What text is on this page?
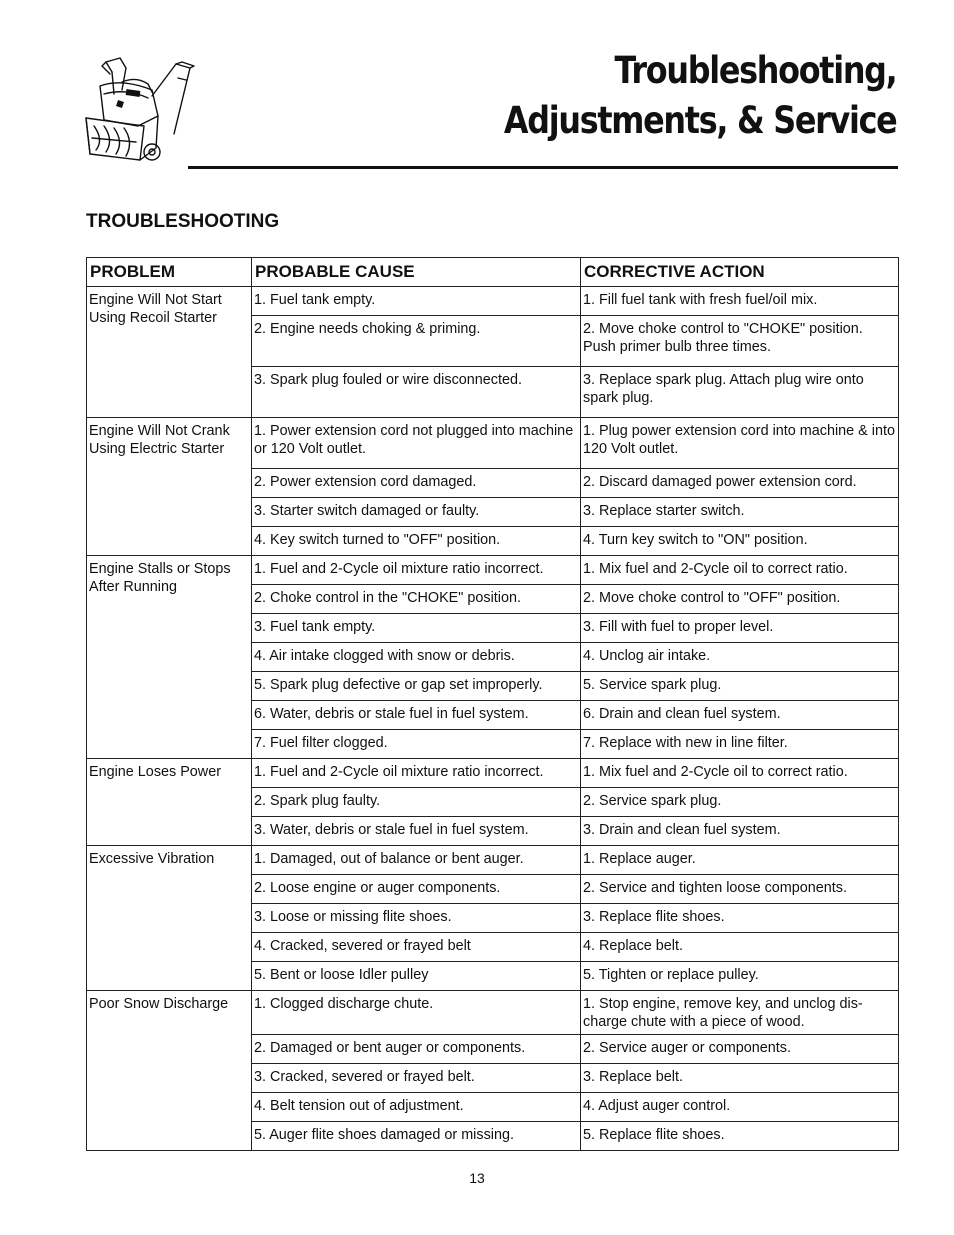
Troubleshooting,
Adjustments, & Service
TROUBLESHOOTING
PROBLEM	PROBABLE CAUSE	CORRECTIVE ACTION
Engine Will Not Start Using Recoil Starter	1. Fuel tank empty.	1. Fill fuel tank with fresh fuel/oil mix.
	2. Engine needs choking & priming.	2. Move choke control to "CHOKE" position. Push primer bulb three times.
	3. Spark plug fouled or wire disconnected.	3. Replace spark plug. Attach plug wire onto spark plug.
Engine Will Not Crank Using Electric Starter	1. Power extension cord not plugged into machine or 120 Volt outlet.	1. Plug power extension cord into machine & into 120 Volt outlet.
	2. Power extension cord damaged.	2. Discard damaged power extension cord.
	3. Starter switch damaged or faulty.	3. Replace starter switch.
	4. Key switch turned to "OFF" position.	4. Turn key switch to "ON" position.
Engine Stalls or Stops After Running	1. Fuel and 2-Cycle oil mixture ratio incorrect.	1. Mix fuel and 2-Cycle oil to correct ratio.
	2. Choke control in the "CHOKE" position.	2. Move choke control to "OFF" position.
	3. Fuel tank empty.	3. Fill with fuel to proper level.
	4. Air intake clogged with snow or debris.	4. Unclog air intake.
	5. Spark plug defective or gap set improperly.	5. Service spark plug.
	6. Water, debris or stale fuel in fuel system.	6. Drain and clean fuel system.
	7. Fuel filter clogged.	7. Replace with new in line filter.
Engine Loses Power	1. Fuel and 2-Cycle oil mixture ratio incorrect.	1. Mix fuel and 2-Cycle oil to correct ratio.
	2. Spark plug faulty.	2. Service spark plug.
	3. Water, debris or stale fuel in fuel system.	3. Drain and clean fuel system.
Excessive Vibration	1. Damaged, out of balance or bent auger.	1. Replace auger.
	2. Loose engine or auger components.	2. Service and tighten loose components.
	3. Loose or missing flite shoes.	3. Replace flite shoes.
	4. Cracked, severed or frayed belt	4. Replace belt.
	5. Bent or loose Idler pulley	5. Tighten or replace pulley.
Poor Snow Discharge	1. Clogged discharge chute.	1. Stop engine, remove key, and unclog dis-charge chute with a piece of wood.
	2. Damaged or bent auger or components.	2. Service auger or components.
	3. Cracked, severed or frayed belt.	3. Replace belt.
	4. Belt tension out of adjustment.	4. Adjust auger control.
	5. Auger flite shoes damaged or missing.	5. Replace flite shoes.
13
